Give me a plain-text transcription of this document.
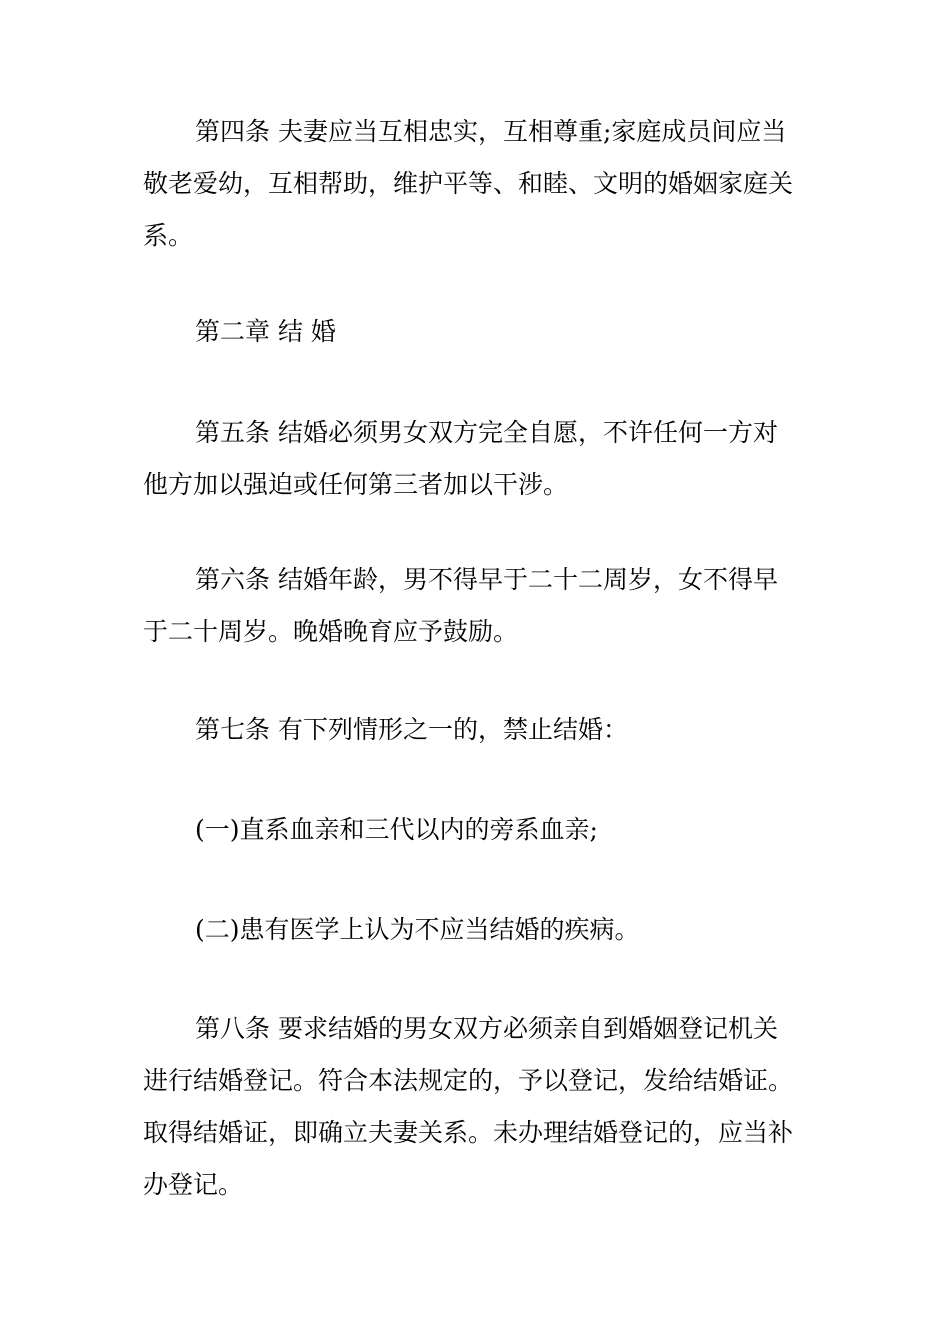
第四条 夫妻应当互相忠实，互相尊重;家庭成员间应当
敬老爱幼，互相帮助，维护平等、和睦、文明的婚姻家庭关
系。

第二章 结 婚

第五条 结婚必须男女双方完全自愿，不许任何一方对
他方加以强迫或任何第三者加以干涉。

第六条 结婚年龄，男不得早于二十二周岁，女不得早
于二十周岁。晚婚晚育应予鼓励。

第七条 有下列情形之一的，禁止结婚：

(一)直系血亲和三代以内的旁系血亲;

(二)患有医学上认为不应当结婚的疾病。

第八条 要求结婚的男女双方必须亲自到婚姻登记机关
进行结婚登记。符合本法规定的，予以登记，发给结婚证。
取得结婚证，即确立夫妻关系。未办理结婚登记的，应当补
办登记。
